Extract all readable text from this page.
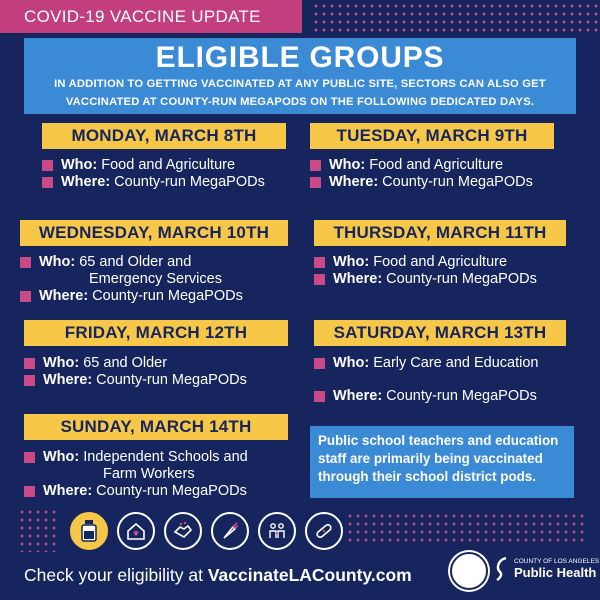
COVID-19 VACCINE UPDATE
ELIGIBLE GROUPS
IN ADDITION TO GETTING VACCINATED AT ANY PUBLIC SITE, SECTORS CAN ALSO GET
VACCINATED AT COUNTY-RUN MEGAPODS ON THE FOLLOWING DEDICATED DAYS.
MONDAY, MARCH 8TH
Who: Food and Agriculture
Where: County-run MegaPODs
TUESDAY, MARCH 9TH
Who: Food and Agriculture
Where: County-run MegaPODs
WEDNESDAY, MARCH 10TH
Who: 65 and Older and
Emergency Services
Where: County-run MegaPODs
THURSDAY, MARCH 11TH
Who: Food and Agriculture
Where: County-run MegaPODs
FRIDAY, MARCH 12TH
Who: 65 and Older
Where: County-run MegaPODs
SATURDAY, MARCH 13TH
Who: Early Care and Education
Where: County-run MegaPODs
SUNDAY, MARCH 14TH
Who: Independent Schools and
Farm Workers
Where: County-run MegaPODs
Public school teachers and education staff are primarily being vaccinated through their school district pods.
Check your eligibility at VaccinateLACounty.com
COUNTY OF LOS ANGELES
Public Health
